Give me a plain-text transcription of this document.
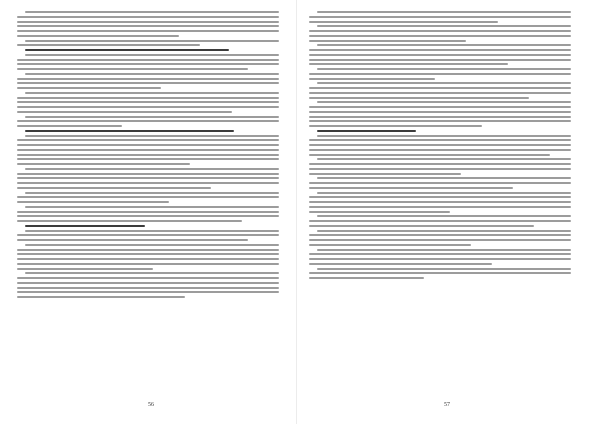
56	57
